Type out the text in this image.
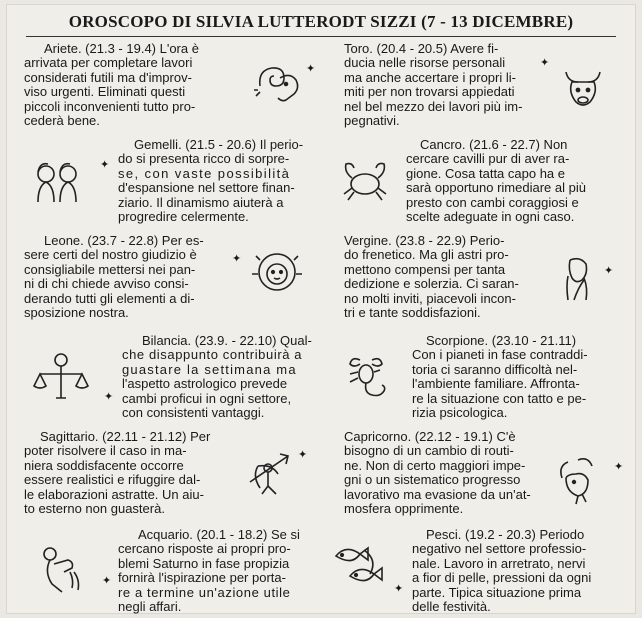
OROSCOPO DI SILVIA LUTTERODT SIZZI (7 - 13 DICEMBRE)
Ariete. (21.3 - 19.4) L'ora è
arrivata per completare lavori
considerati futili ma d'improv-
viso urgenti. Eliminati questi
piccoli inconvenienti tutto pro-
cederà bene.
Toro. (20.4 - 20.5) Avere fi-
ducia nelle risorse personali
ma anche accertare i propri li-
miti per non trovarsi appiedati
nel bel mezzo dei lavori più im-
pegnativi.
Gemelli. (21.5 - 20.6) Il perio-
do si presenta ricco di sorpre-
se, con vaste possibilità
d'espansione nel settore finan-
ziario. Il dinamismo aiuterà a
progredire celermente.
Cancro. (21.6 - 22.7) Non
cercare cavilli pur di aver ra-
gione. Cosa tatta capo ha e
sarà opportuno rimediare al più
presto con cambi coraggiosi e
scelte adeguate in ogni caso.
Leone. (23.7 - 22.8) Per es-
sere certi del nostro giudizio è
consigliabile mettersi nei pan-
ni di chi chiede avviso consi-
derando tutti gli elementi a di-
sposizione nostra.
Vergine. (23.8 - 22.9) Perio-
do frenetico. Ma gli astri pro-
mettono compensi per tanta
dedizione e solerzia. Ci saran-
no molti inviti, piacevoli incon-
tri e tante soddisfazioni.
Bilancia. (23.9. - 22.10) Qual-
che disappunto contribuirà a
guastare la settimana ma
l'aspetto astrologico prevede
cambi proficui in ogni settore,
con consistenti vantaggi.
Scorpione. (23.10 - 21.11)
Con i pianeti in fase contraddi-
toria ci saranno difficoltà nel-
l'ambiente familiare. Affronta-
re la situazione con tatto e pe-
rizia psicologica.
Sagittario. (22.11 - 21.12) Per
poter risolvere il caso in ma-
niera soddisfacente occorre
essere realistici e rifuggire dal-
le elaborazioni astratte. Un aiu-
to esterno non guasterà.
Capricorno. (22.12 - 19.1) C'è
bisogno di un cambio di routi-
ne. Non di certo maggiori impe-
gni o un sistematico progresso
lavorativo ma evasione da un'at-
mosfera opprimente.
Acquario. (20.1 - 18.2) Se si
cercano risposte ai propri pro-
blemi Saturno in fase propizia
fornirà l'ispirazione per porta-
re a termine un'azione utile
negli affari.
Pesci. (19.2 - 20.3) Periodo
negativo nel settore professio-
nale. Lavoro in arretrato, nervi
a fior di pelle, pressioni da ogni
parte. Tipica situazione prima
delle festività.
✦	✦
✦
✦
✦
✦
✦
✦
✦
✦
